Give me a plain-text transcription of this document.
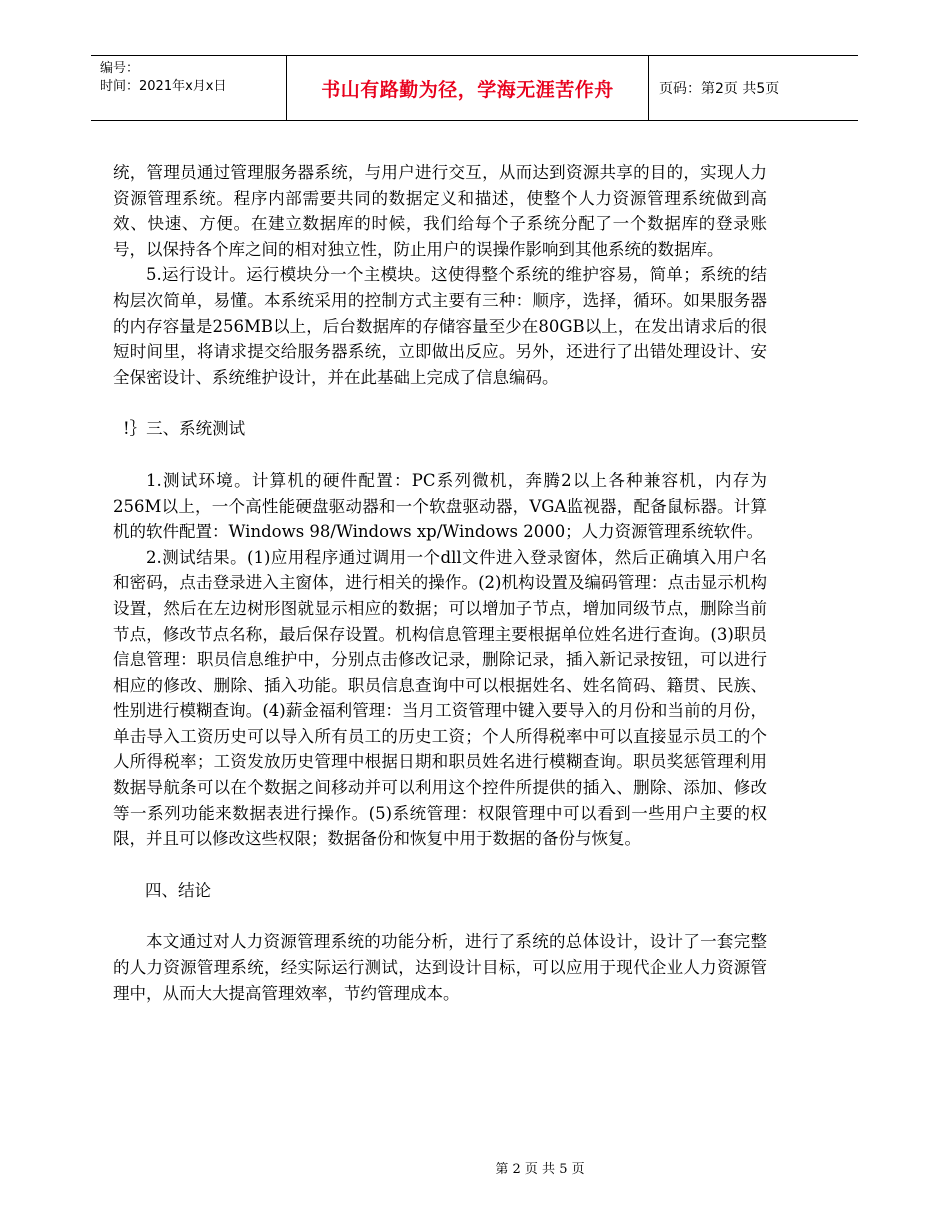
编号：
时间：2021年x月x日	书山有路勤为径，学海无涯苦作舟	页码：第2页 共5页

统，管理员通过管理服务器系统，与用户进行交互，从而达到资源共享的目的，实现人力资源管理系统。程序内部需要共同的数据定义和描述，使整个人力资源管理系统做到高效、快速、方便。在建立数据库的时候，我们给每个子系统分配了一个数据库的登录账号，以保持各个库之间的相对独立性，防止用户的误操作影响到其他系统的数据库。

5.运行设计。运行模块分一个主模块。这使得整个系统的维护容易，简单；系统的结构层次简单，易懂。本系统采用的控制方式主要有三种：顺序，选择，循环。如果服务器的内存容量是256MB以上，后台数据库的存储容量至少在80GB以上，在发出请求后的很短时间里，将请求提交给服务器系统，立即做出反应。另外，还进行了出错处理设计、安全保密设计、系统维护设计，并在此基础上完成了信息编码。

!｝三、系统测试

1.测试环境。计算机的硬件配置：PC系列微机，奔腾2以上各种兼容机，内存为256M以上，一个高性能硬盘驱动器和一个软盘驱动器，VGA监视器，配备鼠标器。计算机的软件配置：Windows 98/Windows xp/Windows 2000；人力资源管理系统软件。

2.测试结果。(1)应用程序通过调用一个dll文件进入登录窗体，然后正确填入用户名和密码，点击登录进入主窗体，进行相关的操作。(2)机构设置及编码管理：点击显示机构设置，然后在左边树形图就显示相应的数据；可以增加子节点，增加同级节点，删除当前节点，修改节点名称，最后保存设置。机构信息管理主要根据单位姓名进行查询。(3)职员信息管理：职员信息维护中，分别点击修改记录，删除记录，插入新记录按钮，可以进行相应的修改、删除、插入功能。职员信息查询中可以根据姓名、姓名简码、籍贯、民族、性别进行模糊查询。(4)薪金福利管理：当月工资管理中键入要导入的月份和当前的月份，单击导入工资历史可以导入所有员工的历史工资；个人所得税率中可以直接显示员工的个人所得税率；工资发放历史管理中根据日期和职员姓名进行模糊查询。职员奖惩管理利用数据导航条可以在个数据之间移动并可以利用这个控件所提供的插入、删除、添加、修改等一系列功能来数据表进行操作。(5)系统管理：权限管理中可以看到一些用户主要的权限，并且可以修改这些权限；数据备份和恢复中用于数据的备份与恢复。

四、结论

本文通过对人力资源管理系统的功能分析，进行了系统的总体设计，设计了一套完整的人力资源管理系统，经实际运行测试，达到设计目标，可以应用于现代企业人力资源管理中，从而大大提高管理效率，节约管理成本。

第 2 页 共 5 页
